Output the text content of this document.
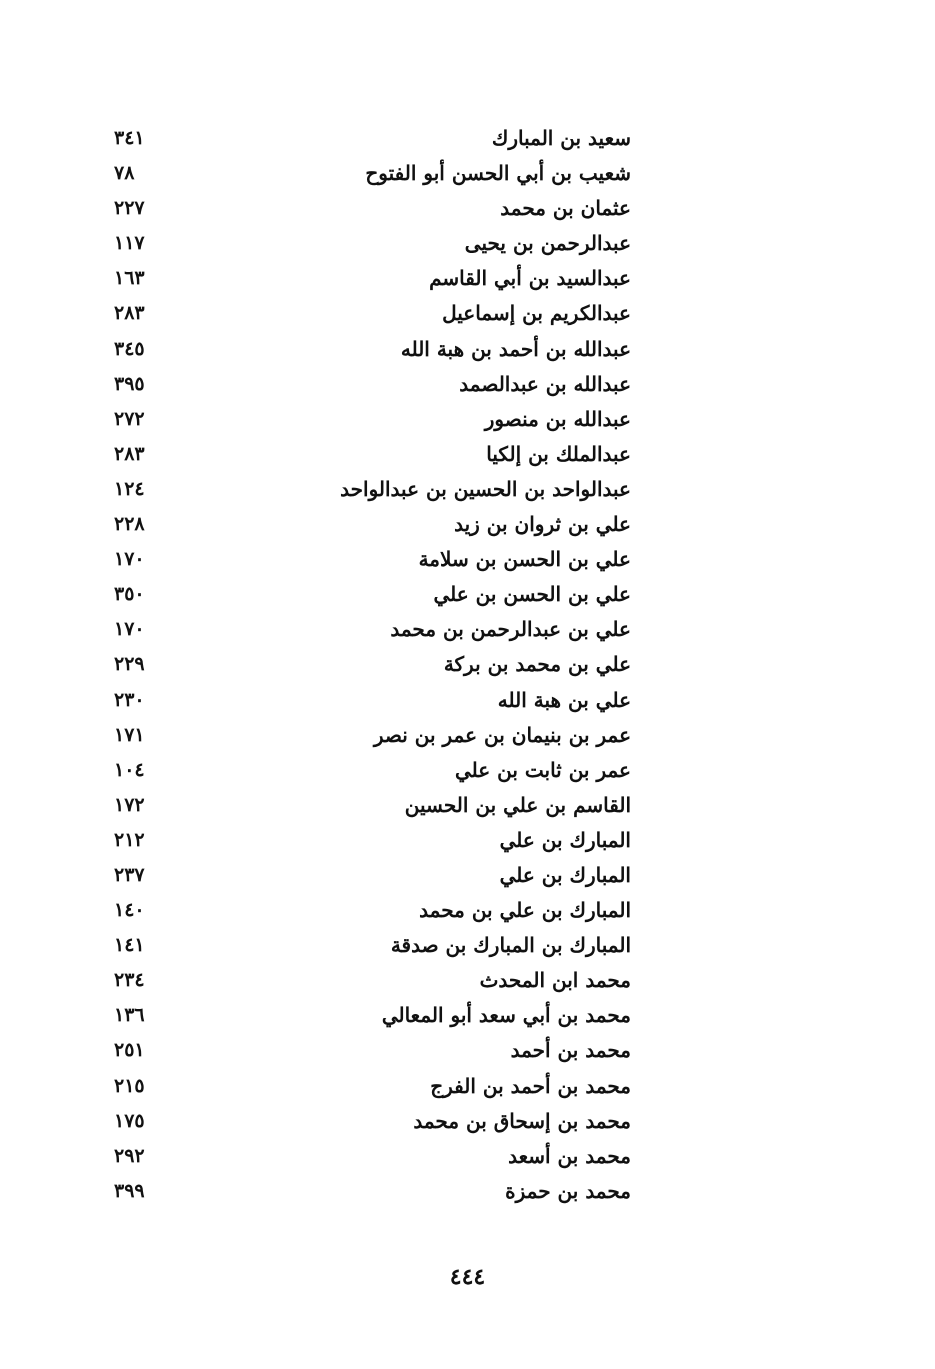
سعيد بن المبارك
٣٤١
شعيب بن أبي الحسن أبو الفتوح
٧٨
عثمان بن محمد
٢٢٧
عبدالرحمن بن يحيى
١١٧
عبدالسيد بن أبي القاسم
١٦٣
عبدالكريم بن إسماعيل
٢٨٣
عبدالله بن أحمد بن هبة الله
٣٤٥
عبدالله بن عبدالصمد
٣٩٥
عبدالله بن منصور
٢٧٢
عبدالملك بن إلكيا
٢٨٣
عبدالواحد بن الحسين بن عبدالواحد
١٢٤
علي بن ثروان بن زيد
٢٢٨
علي بن الحسن بن سلامة
١٧٠
علي بن الحسن بن علي
٣٥٠
علي بن عبدالرحمن بن محمد
١٧٠
علي بن محمد بن بركة
٢٢٩
علي بن هبة الله
٢٣٠
عمر بن بنيمان بن عمر بن نصر
١٧١
عمر بن ثابت بن علي
١٠٤
القاسم بن علي بن الحسين
١٧٢
المبارك بن علي
٢١٢
المبارك بن علي
٢٣٧
المبارك بن علي بن محمد
١٤٠
المبارك بن المبارك بن صدقة
١٤١
محمد ابن المحدث
٢٣٤
محمد بن أبي سعد أبو المعالي
١٣٦
محمد بن أحمد
٢٥١
محمد بن أحمد بن الفرج
٢١٥
محمد بن إسحاق بن محمد
١٧٥
محمد بن أسعد
٢٩٢
محمد بن حمزة
٣٩٩
٤٤٤
